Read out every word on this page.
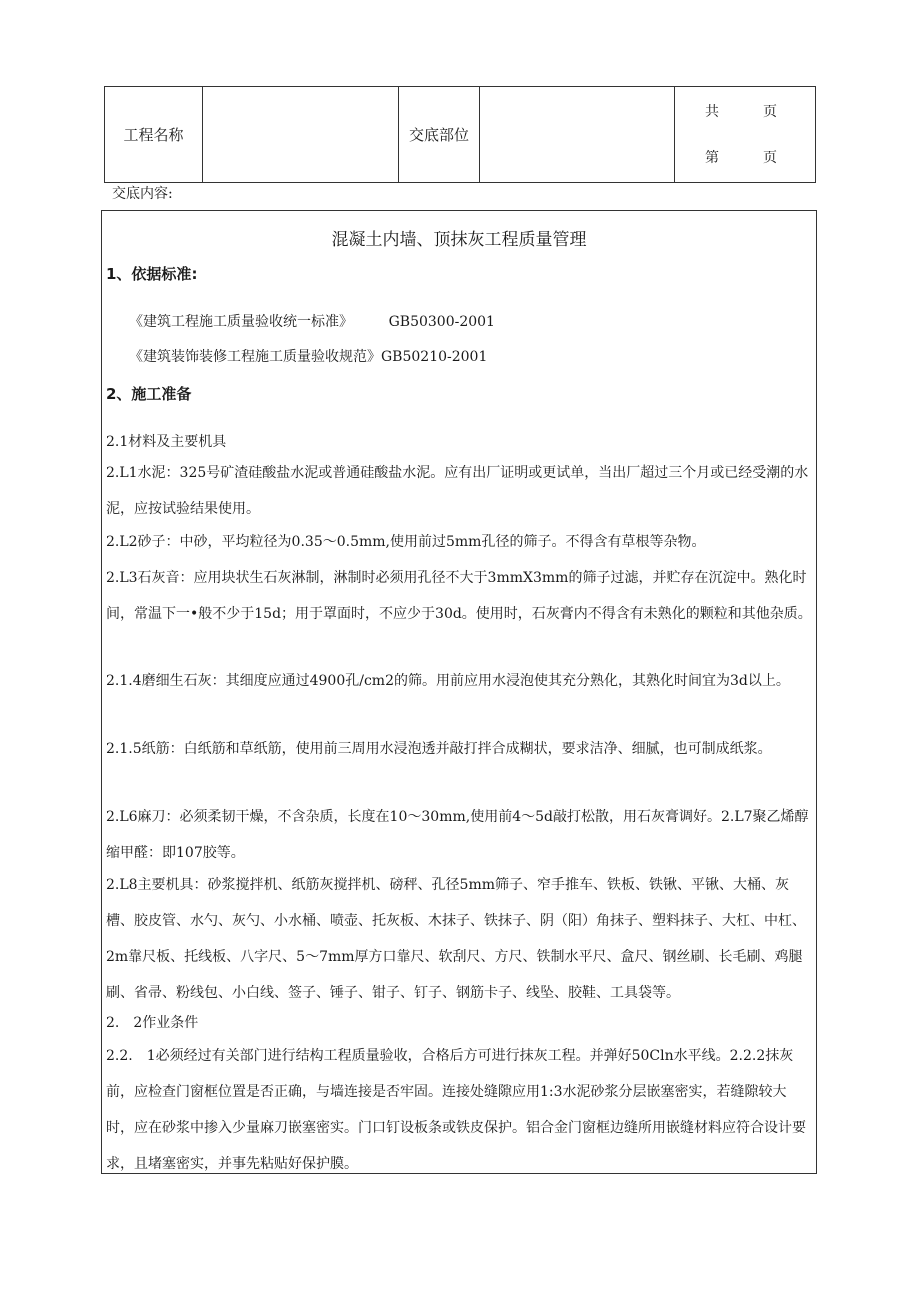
工程名称		交底部位		
共	页
第	页
交底内容:
混凝土内墙、顶抹灰工程质量管理
1、依据标准:
《建筑工程施工质量验收统一标准》        GB50300-2001
《建筑装饰装修工程施工质量验收规范》GB50210-2001
2、施工准备
2.1材料及主要机具
2.L1水泥：325号矿渣硅酸盐水泥或普通硅酸盐水泥。应有出厂证明或更试单，当出厂超过三个月或已经受潮的水泥，应按试验结果使用。
2.L2砂子：中砂，平均粒径为0.35～0.5mm,使用前过5mm孔径的筛子。不得含有草根等杂物。
2.L3石灰音：应用块状生石灰淋制，淋制时必须用孔径不大于3mmX3mm的筛子过滤，并贮存在沉淀中。熟化时间，常温下一•般不少于15d；用于罩面时，不应少于30d。使用时，石灰膏内不得含有未熟化的颗粒和其他杂质。
2.1.4磨细生石灰：其细度应通过4900孔/cm2的筛。用前应用水浸泡使其充分熟化，其熟化时间宜为3d以上。
2.1.5纸筋：白纸筋和草纸筋，使用前三周用水浸泡透并敲打拌合成糊状，要求洁净、细腻，也可制成纸浆。
2.L6麻刀：必须柔韧干燥，不含杂质，长度在10～30mm,使用前4～5d敲打松散，用石灰膏调好。2.L7聚乙烯醇缩甲醛：即107胶等。
2.L8主要机具：砂浆搅拌机、纸筋灰搅拌机、磅秤、孔径5mm筛子、窄手推车、铁板、铁锹、平锹、大桶、灰槽、胶皮管、水勺、灰勺、小水桶、喷壶、托灰板、木抹子、铁抹子、阴（阳）角抹子、塑料抹子、大杠、中杠、2m靠尺板、托线板、八字尺、5～7mm厚方口靠尺、软刮尺、方尺、铁制水平尺、盒尺、钢丝刷、长毛刷、鸡腿刷、省帚、粉线包、小白线、签子、锤子、钳子、钉子、钢筋卡子、线坠、胶鞋、工具袋等。
2.　2作业条件
2.2.　1必须经过有关部门进行结构工程质量验收，合格后方可进行抹灰工程。并弹好50Cln水平线。2.2.2抹灰前，应检查门窗框位置是否正确，与墙连接是否牢固。连接处缝隙应用1:3水泥砂浆分层嵌塞密实，若缝隙较大时，应在砂浆中掺入少量麻刀嵌塞密实。门口钉设板条或铁皮保护。铝合金门窗框边缝所用嵌缝材料应符合设计要求，且堵塞密实，并事先粘贴好保护膜。
